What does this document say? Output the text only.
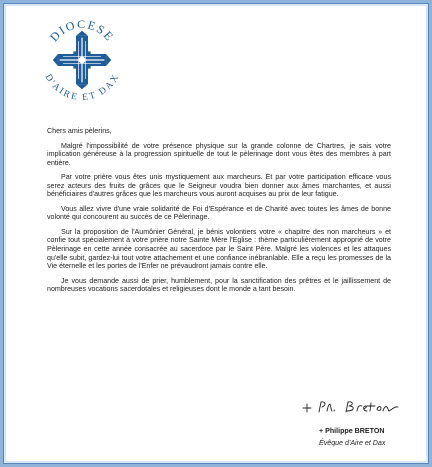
DIOCESE
D'AIRE ET DAX

Chers amis pèlerins,

Malgré l'impossibilité de votre présence physique sur la grande colonne de Chartres, je sais votre implication généreuse à la progression spirituelle de tout le pèlerinage dont vous êtes des membres à part entière.

Par votre prière vous êtes unis mystiquement aux marcheurs. Et par votre participation efficace vous serez acteurs des fruits de grâces que le Seigneur voudra bien donner aux âmes marchantes, et aussi bénéficiaires d'autres grâces que les marcheurs vous auront acquises au prix de leur fatigue.

Vous allez vivre d'une vraie solidarité de Foi d'Espérance et de Charité avec toutes les âmes de bonne volonté qui concourent au succès de ce Pèlerinage.

Sur la proposition de l'Aumônier Général, je bénis volontiers votre « chapitre des non marcheurs » et confie tout spécialement à votre prière notre Sainte Mère l'Eglise : thème particulièrement approprié de votre Pèlerinage en cette année consacrée au sacerdoce par le Saint Père. Malgré les violences et les attaques qu'elle subit, gardez-lui tout votre attachement et une confiance inébranlable. Elle a reçu les promesses de la Vie éternelle et les portes de l'Enfer ne prévaudront jamais contre elle.

Je vous demande aussi de prier, humblement, pour la sanctification des prêtres et le jaillissement de nombreuses vocations sacerdotales et religieuses dont le monde a tant besoin.

+ Philippe BRETON
Évêque d'Aire et Dax
